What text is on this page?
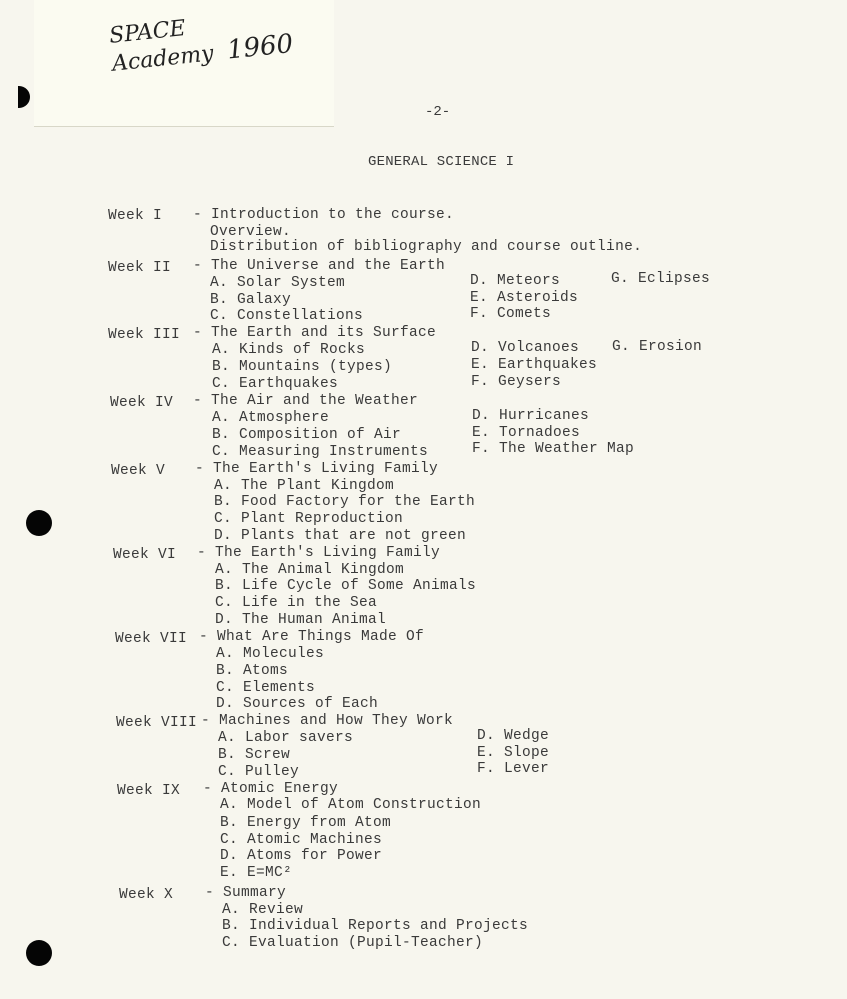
SPACE
Academy 1960
-2-
GENERAL SCIENCE I
Week I - Introduction to the course.
Overview.
Distribution of bibliography and course outline.
Week II - The Universe and the Earth
A. Solar System
B. Galaxy
C. Constellations
D. Meteors
E. Asteroids
F. Comets
G. Eclipses
Week III - The Earth and its Surface
A. Kinds of Rocks
B. Mountains (types)
C. Earthquakes
D. Volcanoes
E. Earthquakes
F. Geysers
G. Erosion
Week IV - The Air and the Weather
A. Atmosphere
B. Composition of Air
C. Measuring Instruments
D. Hurricanes
E. Tornadoes
F. The Weather Map
Week V - The Earth's Living Family
A. The Plant Kingdom
B. Food Factory for the Earth
C. Plant Reproduction
D. Plants that are not green
Week VI - The Earth's Living Family
A. The Animal Kingdom
B. Life Cycle of Some Animals
C. Life in the Sea
D. The Human Animal
Week VII - What Are Things Made Of
A. Molecules
B. Atoms
C. Elements
D. Sources of Each
Week VIII - Machines and How They Work
A. Labor savers
B. Screw
C. Pulley
D. Wedge
E. Slope
F. Lever
Week IX - Atomic Energy
A. Model of Atom Construction
B. Energy from Atom
C. Atomic Machines
D. Atoms for Power
E. E=MC²
Week X - Summary
A. Review
B. Individual Reports and Projects
C. Evaluation (Pupil-Teacher)
